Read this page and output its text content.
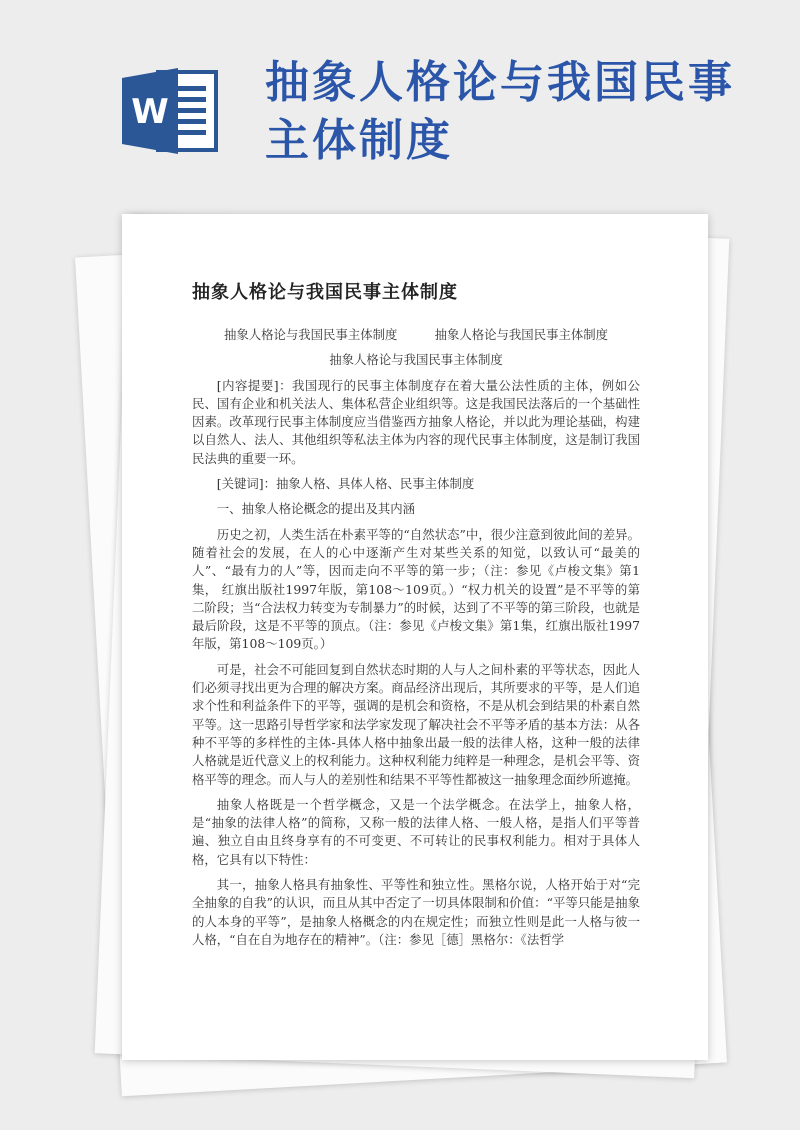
W
抽象人格论与我国民事主体制度
抽象人格论与我国民事主体制度

抽象人格论与我国民事主体制度　　　抽象人格论与我国民事主体制度

抽象人格论与我国民事主体制度

[内容提要]：我国现行的民事主体制度存在着大量公法性质的主体，例如公民、国有企业和机关法人、集体私营企业组织等。这是我国民法落后的一个基础性因素。改革现行民事主体制度应当借鉴西方抽象人格论，并以此为理论基础，构建以自然人、法人、其他组织等私法主体为内容的现代民事主体制度，这是制订我国民法典的重要一环。

[关键词]：抽象人格、具体人格、民事主体制度

一、抽象人格论概念的提出及其内涵

历史之初，人类生活在朴素平等的“自然状态”中，很少注意到彼此间的差异。随着社会的发展，在人的心中逐渐产生对某些关系的知觉，以致认可“最美的人”、“最有力的人”等，因而走向不平等的第一步；（注：参见《卢梭文集》第1集， 红旗出版社1997年版，第108～109页。）“权力机关的设置”是不平等的第二阶段；当“合法权力转变为专制暴力”的时候，达到了不平等的第三阶段，也就是最后阶段，这是不平等的顶点。（注：参见《卢梭文集》第1集，红旗出版社1997年版，第108～109页。）

可是，社会不可能回复到自然状态时期的人与人之间朴素的平等状态，因此人们必须寻找出更为合理的解决方案。商品经济出现后，其所要求的平等，是人们追求个性和利益条件下的平等，强调的是机会和资格，不是从机会到结果的朴素自然平等。这一思路引导哲学家和法学家发现了解决社会不平等矛盾的基本方法：从各种不平等的多样性的主体-具体人格中抽象出最一般的法律人格，这种一般的法律人格就是近代意义上的权利能力。这种权利能力纯粹是一种理念，是机会平等、资格平等的理念。而人与人的差别性和结果不平等性都被这一抽象理念面纱所遮掩。

抽象人格既是一个哲学概念，又是一个法学概念。在法学上，抽象人格，是“抽象的法律人格”的简称，又称一般的法律人格、一般人格，是指人们平等普遍、独立自由且终身享有的不可变更、不可转让的民事权利能力。相对于具体人格，它具有以下特性：

其一，抽象人格具有抽象性、平等性和独立性。黑格尔说，人格开始于对“完全抽象的自我”的认识，而且从其中否定了一切具体限制和价值：“平等只能是抽象的人本身的平等”，是抽象人格概念的内在规定性；而独立性则是此一人格与彼一人格，“自在自为地存在的精神”。（注：参见［德］黑格尔：《法哲学
